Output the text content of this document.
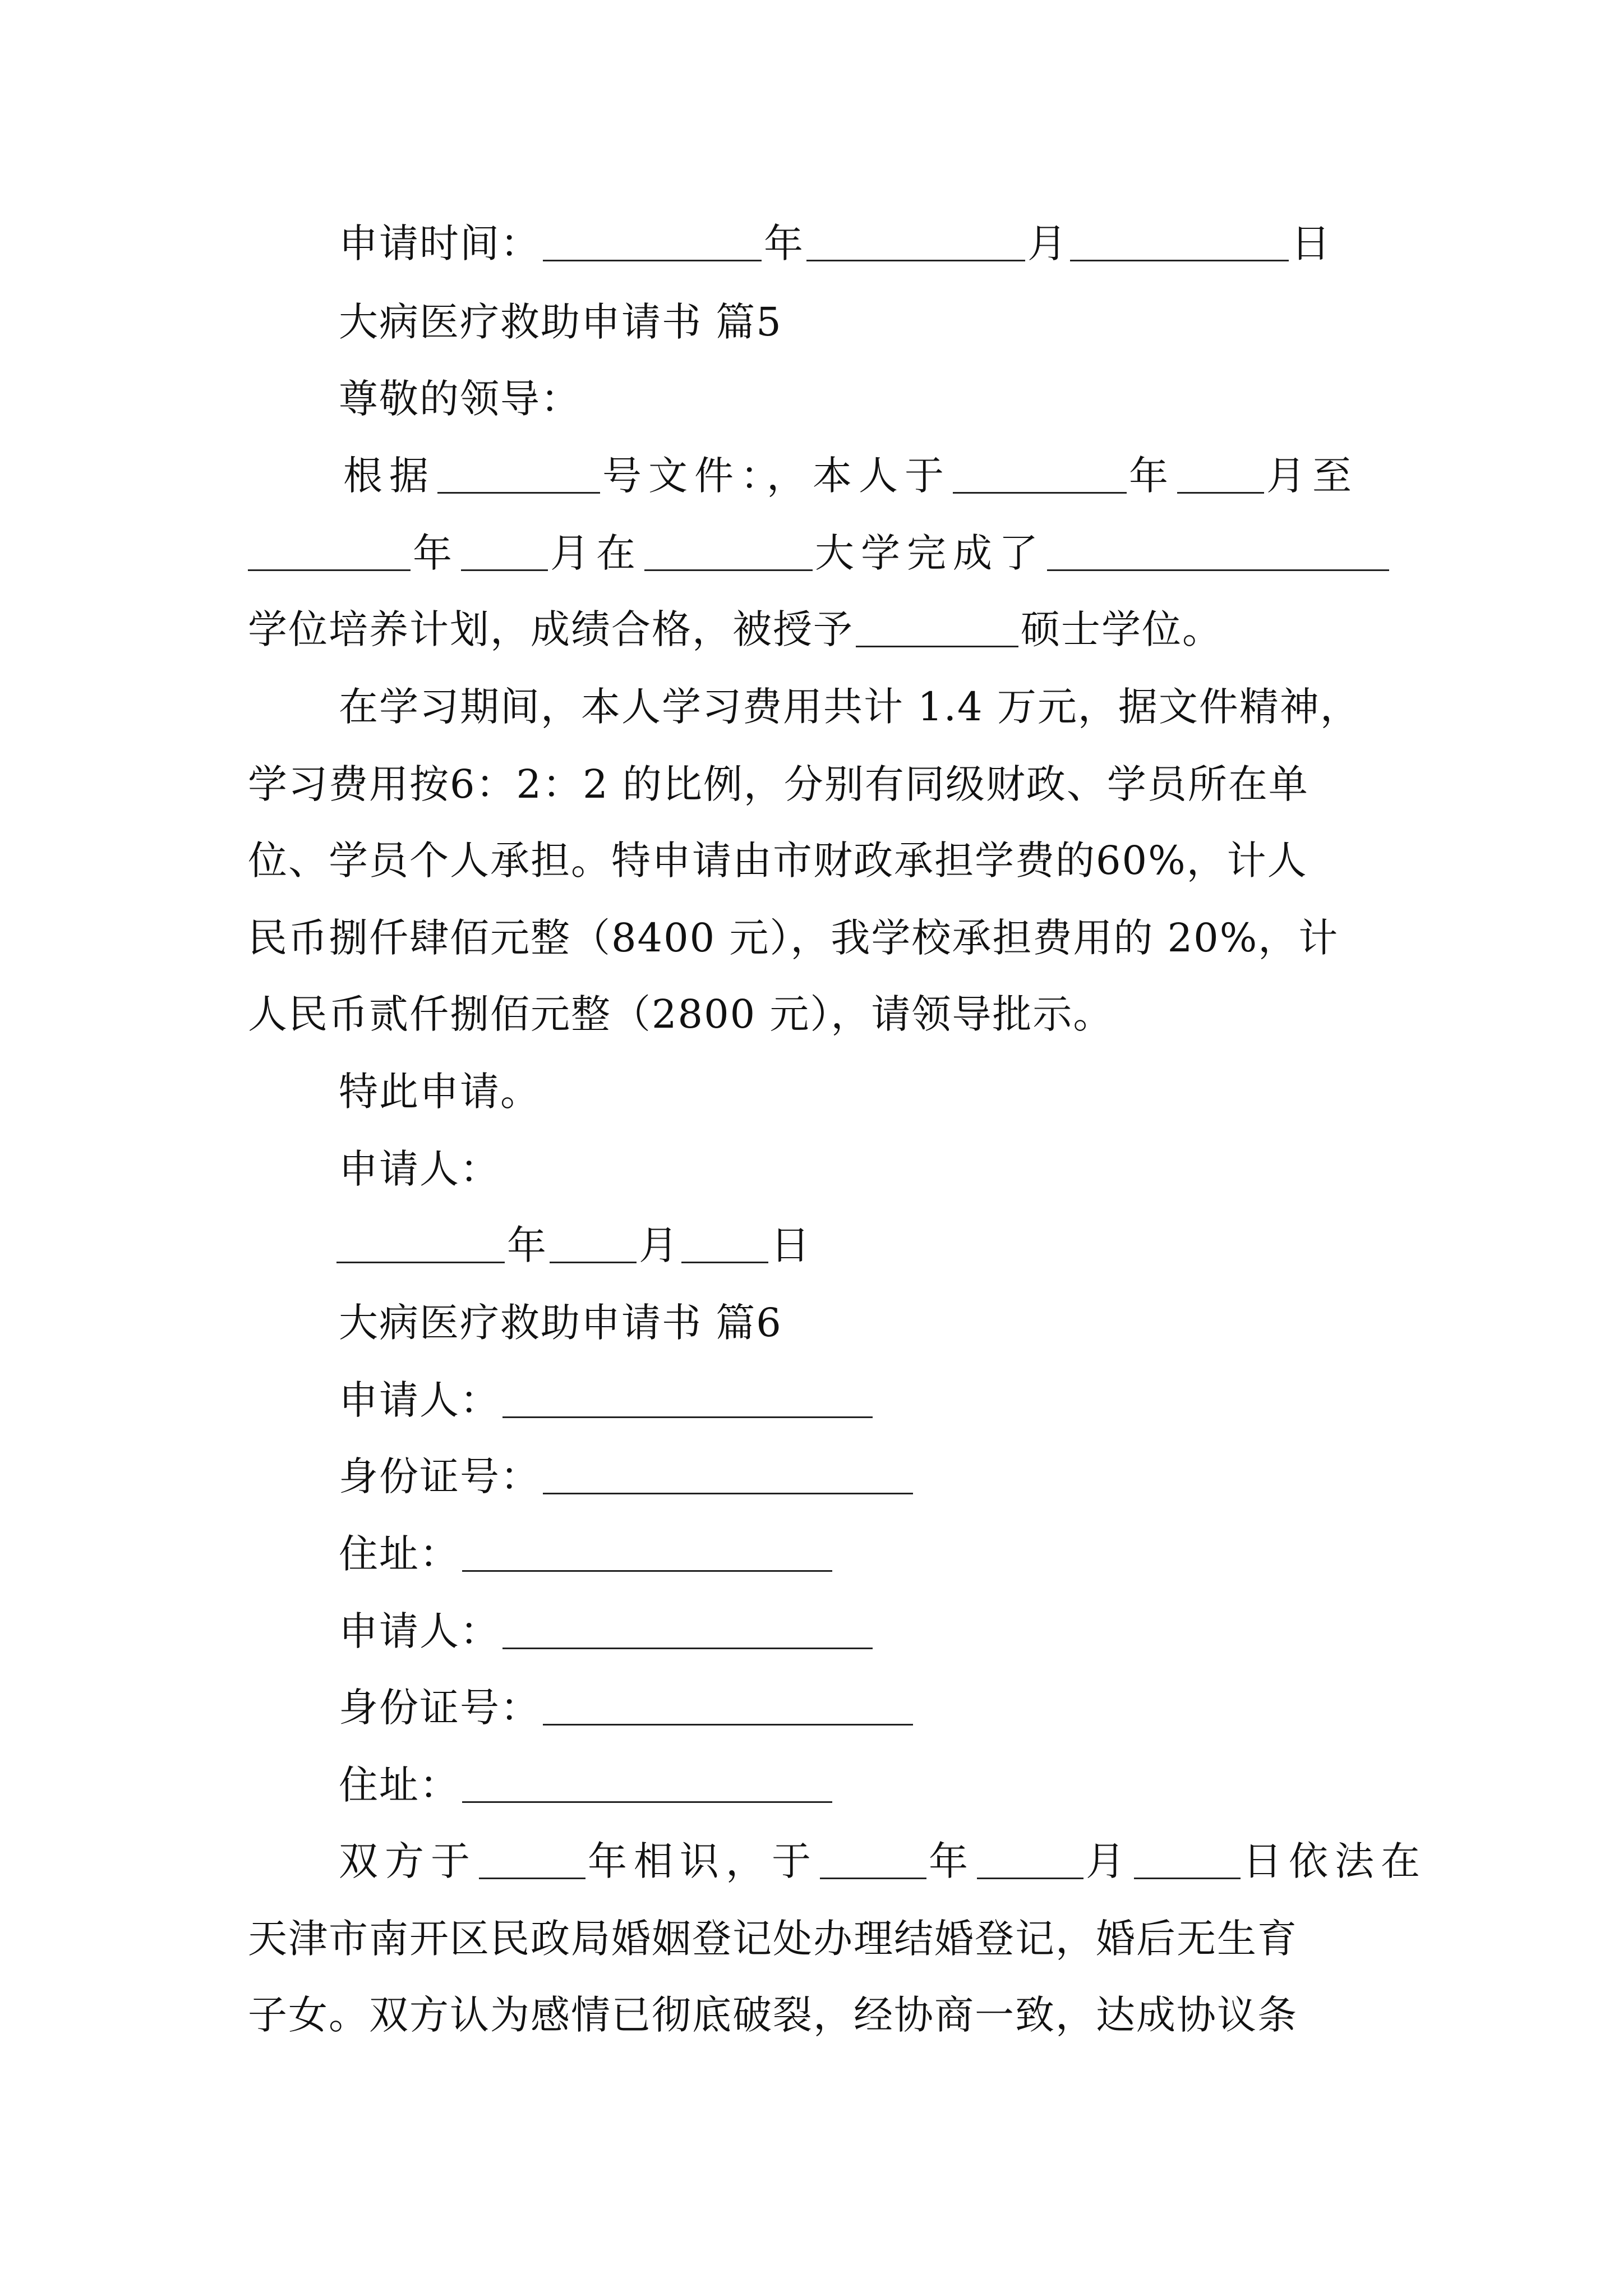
申请时间：	年	月	日
大病医疗救助申请书 篇5
尊敬的领导：
根据	号文件：，本人于	年 月至
年 月在	大学完成了
学位培养计划，成绩合格，被授予	硕士学位。
在学习期间，本人学习费用共计 1.4 万元，据文件精神，
学习费用按6：2：2 的比例，分别有同级财政、学员所在单
位、学员个人承担。特申请由市财政承担学费的60%，计人
民币捌仟肆佰元整（8400 元），我学校承担费用的 20%，计
人民币贰仟捌佰元整（2800 元），请领导批示。
特此申请。
申请人：
年 月 日
大病医疗救助申请书 篇6
申请人：
身份证号：
住址：
申请人：
身份证号：
住址：
双方于	年相识，于	年	月	日依法在
天津市南开区民政局婚姻登记处办理结婚登记，婚后无生育
子女。双方认为感情已彻底破裂，经协商一致，达成协议条
